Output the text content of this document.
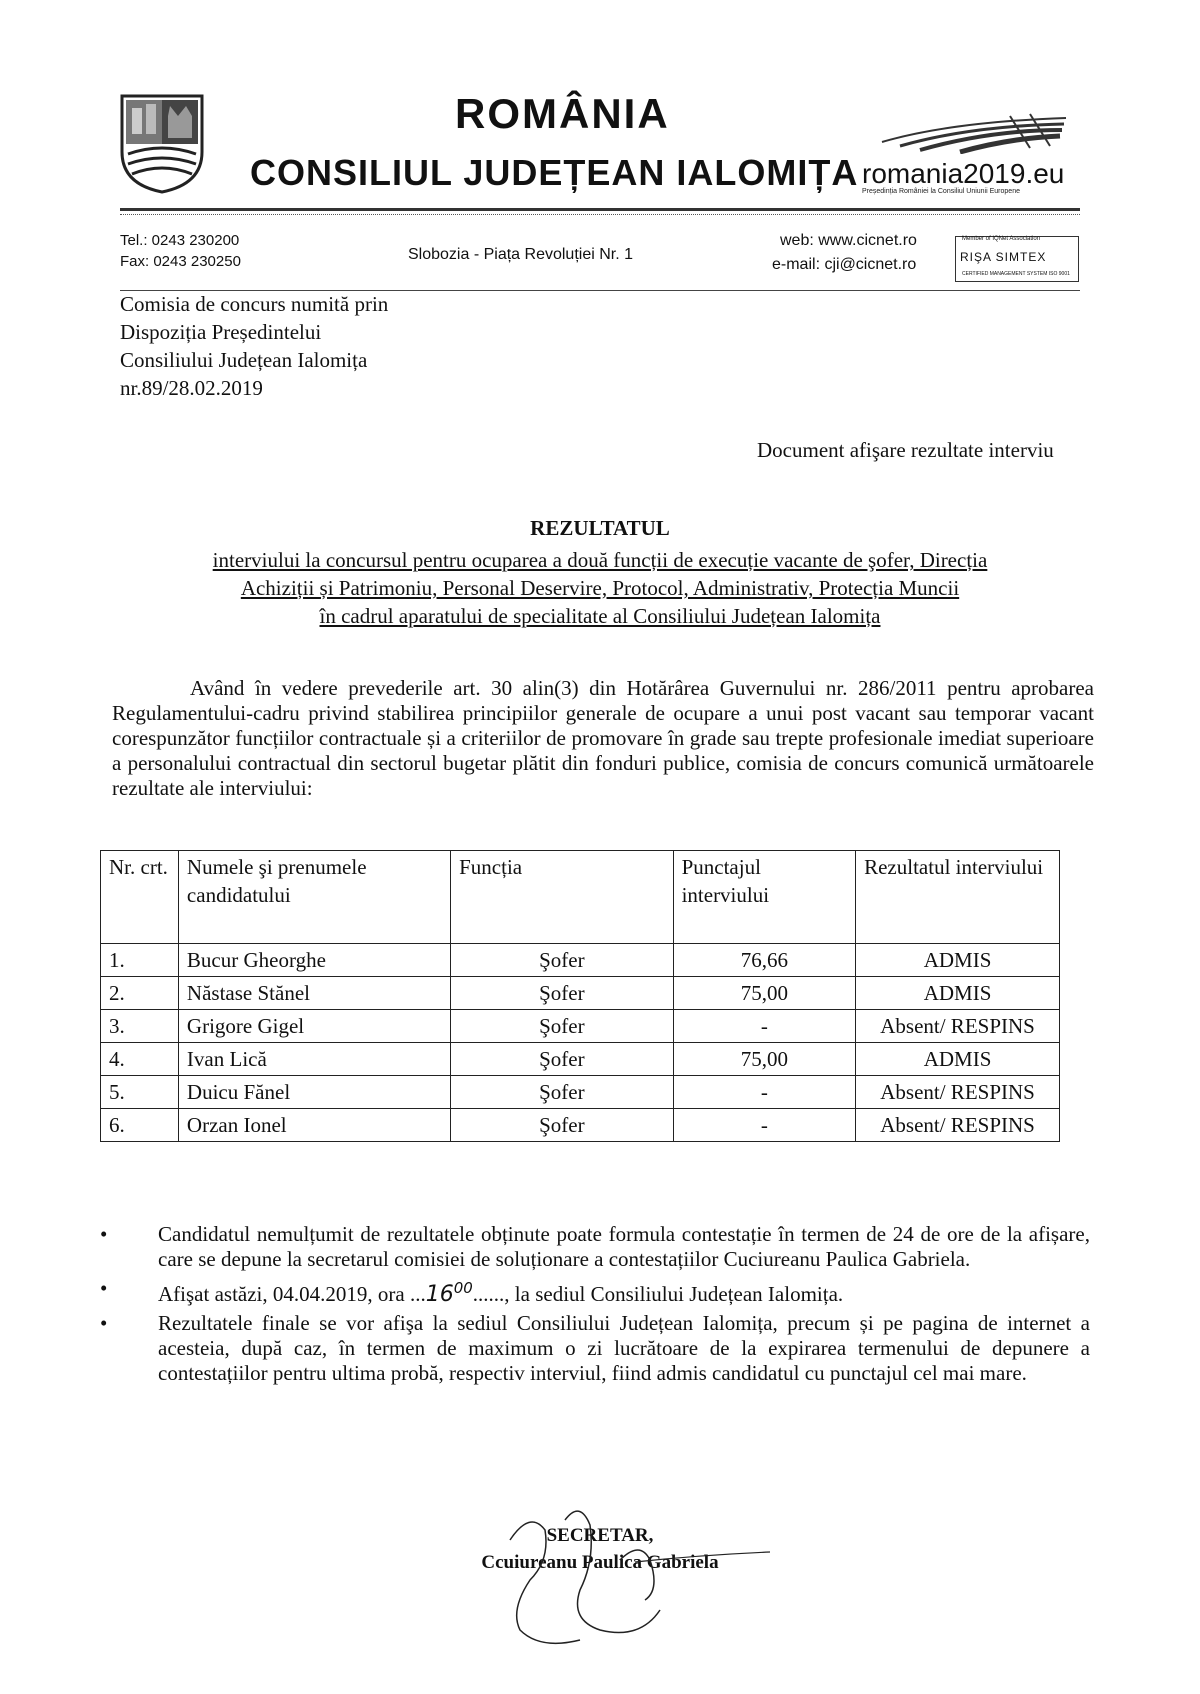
ROMÂNIA
CONSILIUL JUDEȚEAN IALOMIȚA romania2019.eu
Președinția României la Consiliul Uniunii Europene
Tel.: 0243 230200
Fax: 0243 230250	Slobozia - Piața Revoluției Nr. 1
web: www.cicnet.ro
e-mail: cji@cicnet.ro
Member of IQNet Association
RIŞA SIMTEX
CERTIFIED MANAGEMENT SYSTEM ISO 9001
Comisia de concurs numită prin
Dispoziția Președintelui
Consiliului Județean Ialomița
nr.89/28.02.2019
Document afişare rezultate interviu
REZULTATUL
interviului la concursul pentru ocuparea a două funcții de execuție vacante de şofer, Direcția
Achiziții și Patrimoniu, Personal Deservire, Protocol, Administrativ, Protecția Muncii
în cadrul aparatului de specialitate al Consiliului Județean Ialomița
Având în vedere prevederile art. 30 alin(3) din Hotărârea Guvernului nr. 286/2011 pentru aprobarea Regulamentului-cadru privind stabilirea principiilor generale de ocupare a unui post vacant sau temporar vacant corespunzător funcțiilor contractuale și a criteriilor de promovare în grade sau trepte profesionale imediat superioare a personalului contractual din sectorul bugetar plătit din fonduri publice, comisia de concurs comunică următoarele rezultate ale interviului:
Nr. crt.	Numele şi prenumele candidatului	Funcția	Punctajul interviului	Rezultatul interviului
1.	Bucur Gheorghe	Şofer	76,66	ADMIS
2.	Năstase Stănel	Şofer	75,00	ADMIS
3.	Grigore Gigel	Şofer	-	Absent/ RESPINS
4.	Ivan Lică	Şofer	75,00	ADMIS
5.	Duicu Fănel	Şofer	-	Absent/ RESPINS
6.	Orzan Ionel	Şofer	-	Absent/ RESPINS
• Candidatul nemulțumit de rezultatele obținute poate formula contestație în termen de 24 de ore de la afișare, care se depune la secretarul comisiei de soluționare a contestațiilor Cuciureanu Paulica Gabriela.
• Afişat astăzi, 04.04.2019, ora ...16$^{00}$......, la sediul Consiliului Județean Ialomița.
• Rezultatele finale se vor afişa la sediul Consiliului Județean Ialomița, precum și pe pagina de internet a acesteia, după caz, în termen de maximum o zi lucrătoare de la expirarea termenului de depunere a contestațiilor pentru ultima probă, respectiv interviul, fiind admis candidatul cu punctajul cel mai mare.
SECRETAR,
Ccuiureanu Paulica Gabriela
